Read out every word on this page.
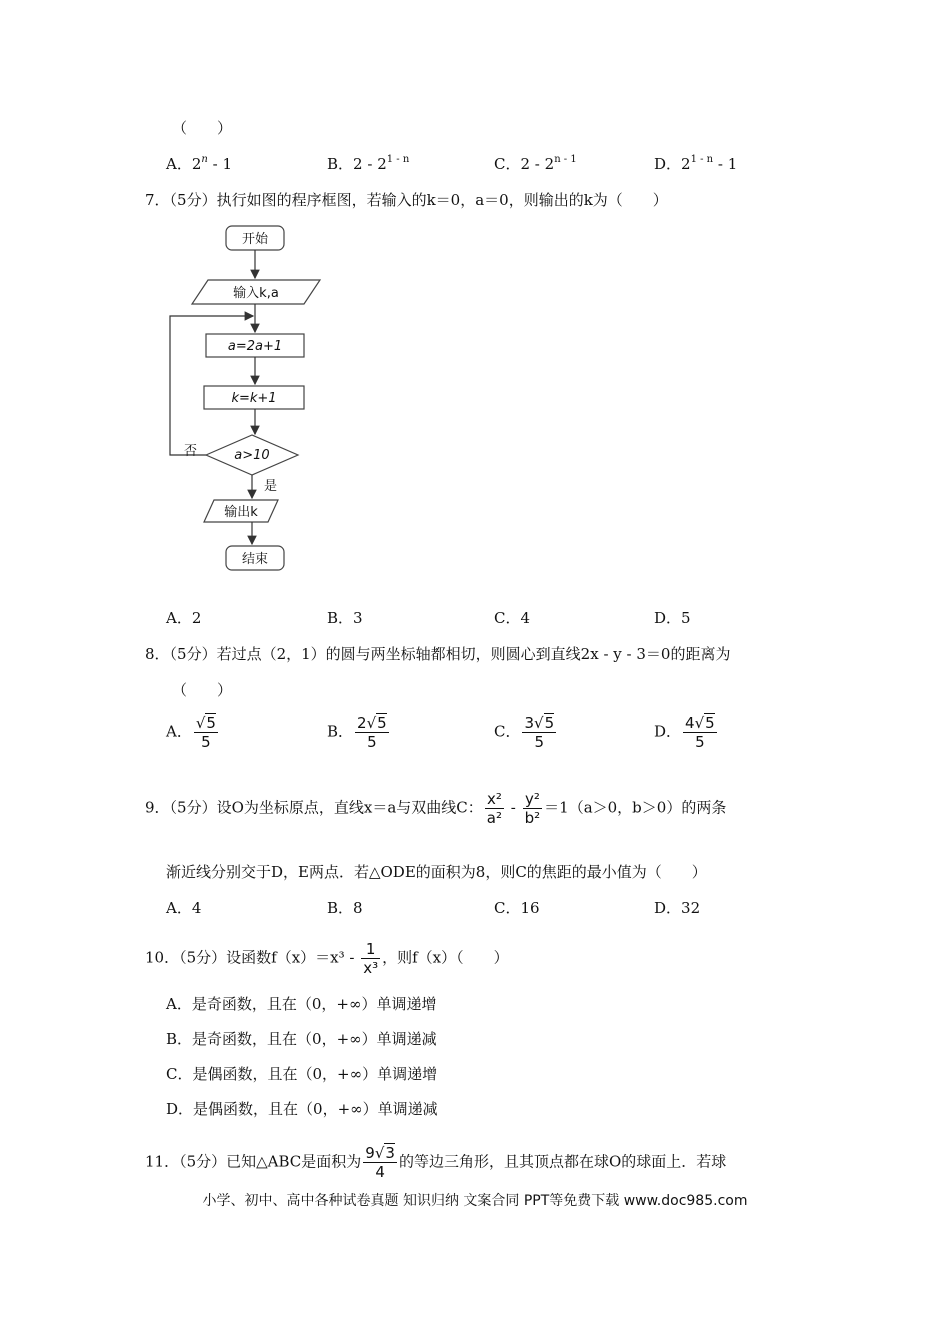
（　　）
A．2$^n$ - 1	B．2 - 2$^{1 - n}$	C．2 - 2$^{n - 1}$	D．2$^{1 - n}$ - 1
7．（5分）执行如图的程序框图，若输入的k＝0，a＝0，则输出的k为（　　）
开始
输入k,a
a=2a+1
k=k+1
a>10
否
是
输出k
结束
A．2	B．3	C．4	D．5
8．（5分）若过点（2，1）的圆与两坐标轴都相切，则圆心到直线2x - y - 3＝0的距离为
（　　）
A． $\frac{√5}{5}$	B． $\frac{2√5}{5}$	C． $\frac{3√5}{5}$	D． $\frac{4√5}{5}$
9．（5分）设O为坐标原点，直线x＝a与双曲线C： $\frac{\text{x²}}{\text{a²}} - \frac{\text{y²}}{\text{b²}} =1(a>0$，b＞0）的两条
渐近线分别交于D，E两点．若△ODE的面积为8，则C的焦距的最小值为（　　）
A．4	B．8	C．16	D．32
10．（5分）设函数$f(x)=x^3 - \frac{1}{\text{x³}}$ ，则f（x）（　　）
A．是奇函数，且在（0，+∞）单调递增
B．是奇函数，且在（0，+∞）单调递减
C．是偶函数，且在（0，+∞）单调递增
D．是偶函数，且在（0，+∞）单调递减
11．（5分）已知△ABC是面积为 $\frac{9√3}{4}$ 的等边三角形，且其顶点都在球O的球面上．若球
小学、初中、高中各种试卷真题 知识归纳 文案合同 PPT等免费下载 www.doc985.com
